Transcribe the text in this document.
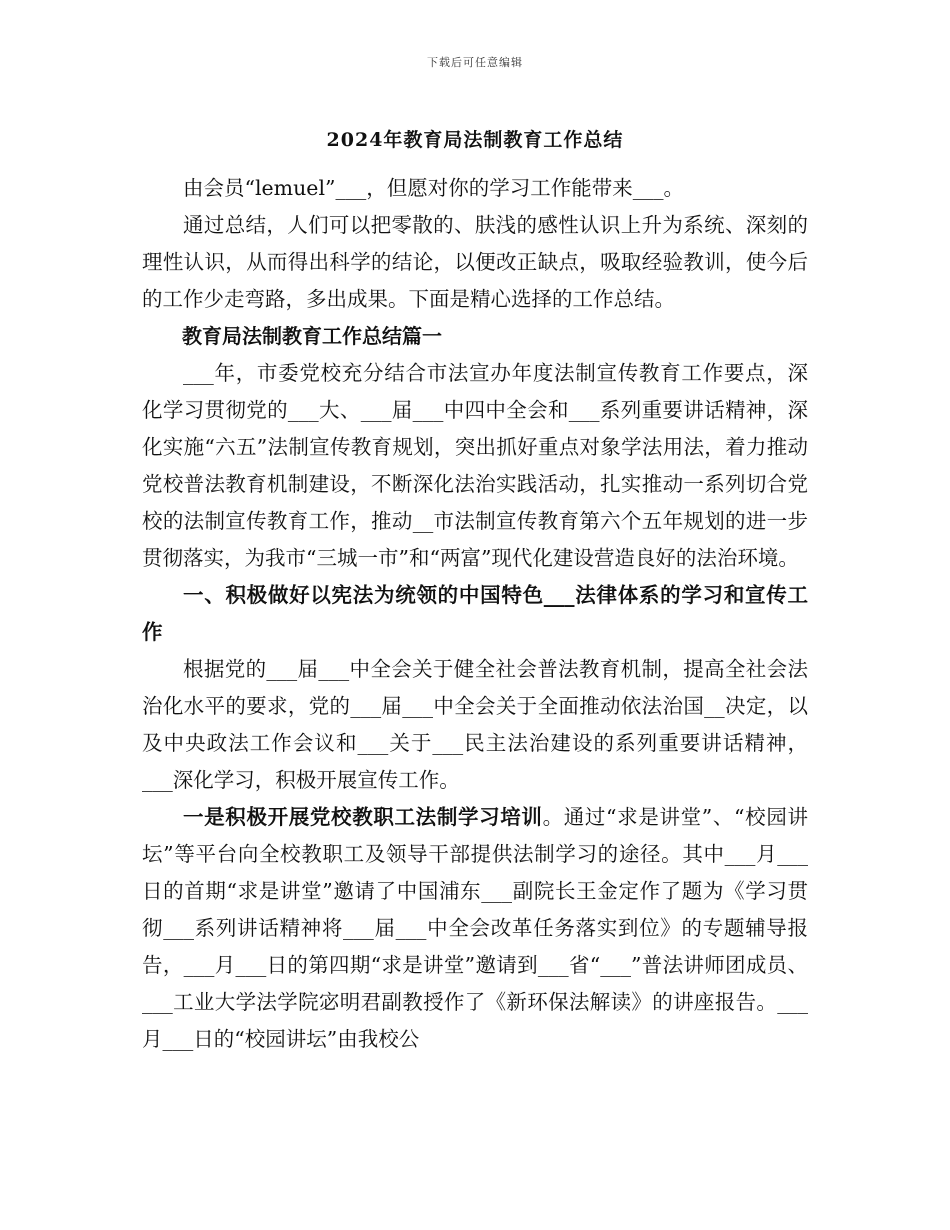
下载后可任意编辑
2024年教育局法制教育工作总结

由会员“lemuel”___，但愿对你的学习工作能带来___。

通过总结，人们可以把零散的、肤浅的感性认识上升为系统、深刻的理性认识，从而得出科学的结论，以便改正缺点，吸取经验教训，使今后的工作少走弯路，多出成果。下面是精心选择的工作总结。

教育局法制教育工作总结篇一

___年，市委党校充分结合市法宣办年度法制宣传教育工作要点，深化学习贯彻党的___大、___届___中四中全会和___系列重要讲话精神，深化实施“六五”法制宣传教育规划，突出抓好重点对象学法用法，着力推动党校普法教育机制建设，不断深化法治实践活动，扎实推动一系列切合党校的法制宣传教育工作，推动__市法制宣传教育第六个五年规划的进一步贯彻落实，为我市“三城一市”和“两富”现代化建设营造良好的法治环境。

一、积极做好以宪法为统领的中国特色___法律体系的学习和宣传工作

根据党的___届___中全会关于健全社会普法教育机制，提高全社会法治化水平的要求，党的___届___中全会关于全面推动依法治国__决定，以及中央政法工作会议和___关于___民主法治建设的系列重要讲话精神，___深化学习，积极开展宣传工作。

一是积极开展党校教职工法制学习培训。通过“求是讲堂”、“校园讲坛”等平台向全校教职工及领导干部提供法制学习的途径。其中___月___日的首期“求是讲堂”邀请了中国浦东___副院长王金定作了题为《学习贯彻___系列讲话精神将___届___中全会改革任务落实到位》的专题辅导报告，___月___日的第四期“求是讲堂”邀请到___省“___”普法讲师团成员、___工业大学法学院宓明君副教授作了《新环保法解读》的讲座报告。___月___日的“校园讲坛”由我校公
